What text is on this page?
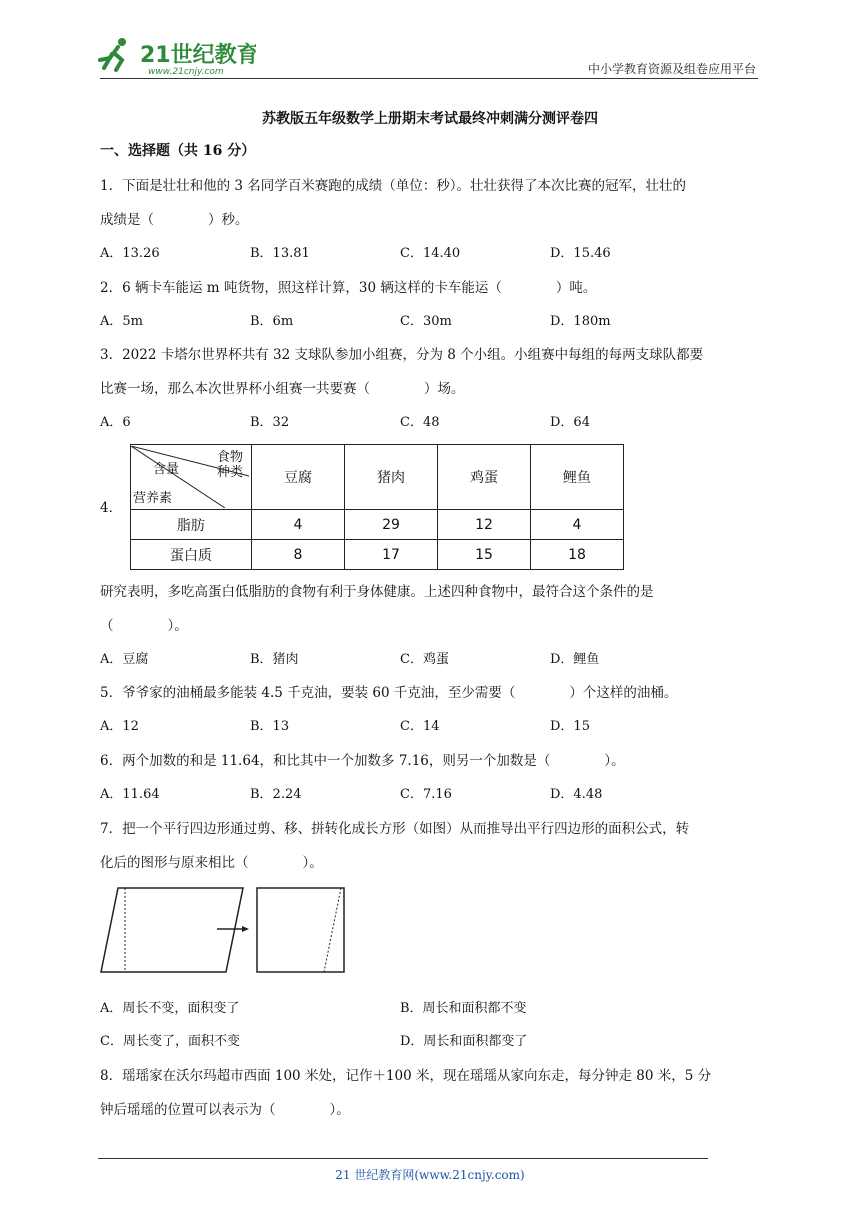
21世纪教育
www.21cnjy.com	中小学教育资源及组卷应用平台
苏教版五年级数学上册期末考试最终冲刺满分测评卷四
一、选择题（共 16 分）
1．下面是壮壮和他的 3 名同学百米赛跑的成绩（单位：秒）。壮壮获得了本次比赛的冠军，壮壮的
成绩是（　　　　）秒。
A．13.26	B．13.81	C．14.40	D．15.46
2．6 辆卡车能运 m 吨货物，照这样计算，30 辆这样的卡车能运（　　　　）吨。
A．5m	B．6m	C．30m	D．180m
3．2022 卡塔尔世界杯共有 32 支球队参加小组赛，分为 8 个小组。小组赛中每组的每两支球队都要
比赛一场，那么本次世界杯小组赛一共要赛（　　　　）场。
A．6	B．32	C．48	D．64
4．
食物
种类
含量
营养素	豆腐	猪肉	鸡蛋	鲤鱼
脂肪	4	29	12	4
蛋白质	8	17	15	18
研究表明，多吃高蛋白低脂肪的食物有利于身体健康。上述四种食物中，最符合这个条件的是
（　　　　）。
A．豆腐	B．猪肉	C．鸡蛋	D．鲤鱼
5．爷爷家的油桶最多能装 4.5 千克油，要装 60 千克油，至少需要（　　　　）个这样的油桶。
A．12	B．13	C．14	D．15
6．两个加数的和是 11.64，和比其中一个加数多 7.16，则另一个加数是（　　　　）。
A．11.64	B．2.24	C．7.16	D．4.48
7．把一个平行四边形通过剪、移、拼转化成长方形（如图）从而推导出平行四边形的面积公式，转
化后的图形与原来相比（　　　　）。
A．周长不变，面积变了	B．周长和面积都不变
C．周长变了，面积不变	D．周长和面积都变了
8．瑶瑶家在沃尔玛超市西面 100 米处，记作＋100 米，现在瑶瑶从家向东走，每分钟走 80 米，5 分
钟后瑶瑶的位置可以表示为（　　　　）。
21 世纪教育网(www.21cnjy.com)
